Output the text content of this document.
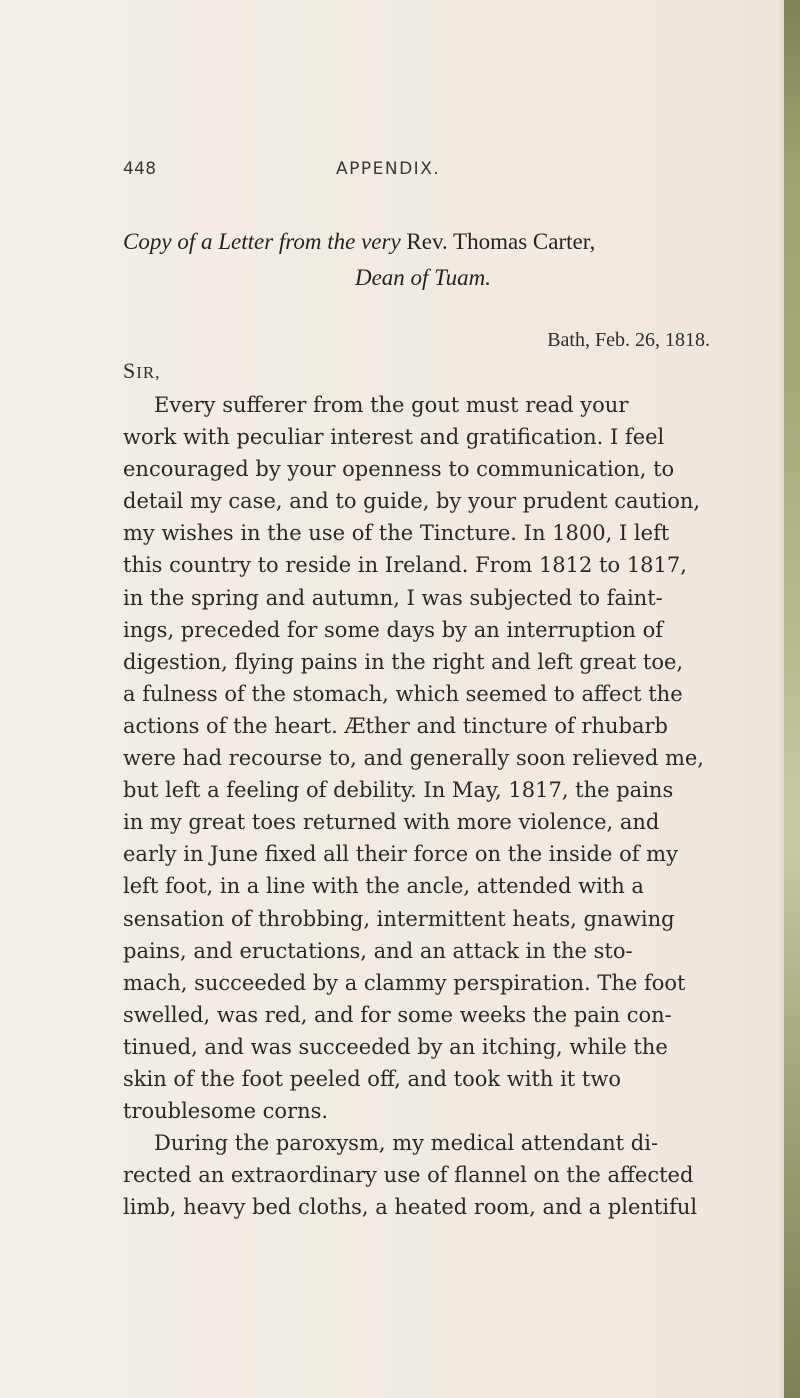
448	APPENDIX.
Copy of a Letter from the very Rev. Thomas Carter,
Dean of Tuam.
Bath, Feb. 26, 1818.
SIR,
Every sufferer from the gout must read your
work with peculiar interest and gratification. I feel
encouraged by your openness to communication, to
detail my case, and to guide, by your prudent caution,
my wishes in the use of the Tincture. In 1800, I left
this country to reside in Ireland. From 1812 to 1817,
in the spring and autumn, I was subjected to faint-
ings, preceded for some days by an interruption of
digestion, flying pains in the right and left great toe,
a fulness of the stomach, which seemed to affect the
actions of the heart. Æther and tincture of rhubarb
were had recourse to, and generally soon relieved me,
but left a feeling of debility. In May, 1817, the pains
in my great toes returned with more violence, and
early in June fixed all their force on the inside of my
left foot, in a line with the ancle, attended with a
sensation of throbbing, intermittent heats, gnawing
pains, and eructations, and an attack in the sto-
mach, succeeded by a clammy perspiration. The foot
swelled, was red, and for some weeks the pain con-
tinued, and was succeeded by an itching, while the
skin of the foot peeled off, and took with it two
troublesome corns.
During the paroxysm, my medical attendant di-
rected an extraordinary use of flannel on the affected
limb, heavy bed cloths, a heated room, and a plentiful
